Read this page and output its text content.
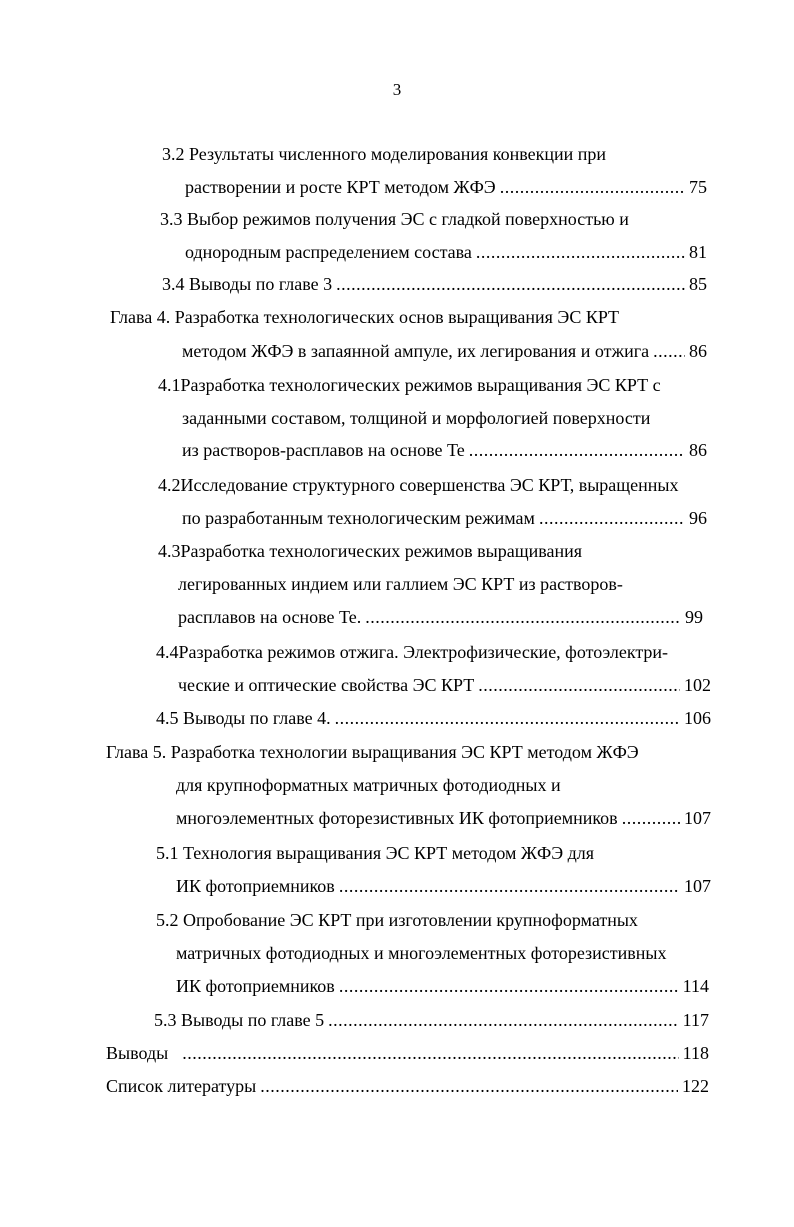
3
3.2 Результаты численного моделирования конвекции при
растворении и росте КРТ методом ЖФЭ .....	75
3.3 Выбор режимов получения ЭС с гладкой поверхностью и
однородным распределением состава .....	81
3.4 Выводы по главе 3 .....	85
Глава 4. Разработка технологических основ выращивания ЭС КРТ
методом ЖФЭ в запаянной ампуле, их легирования и отжига ..... 86
4.1Разработка технологических режимов выращивания ЭС КРТ с
заданными составом, толщиной и морфологией поверхности
из растворов-расплавов на основе Te .....	86
4.2Исследование структурного совершенства ЭС КРТ, выращенных
по разработанным технологическим режимам .....	96
4.3Разработка технологических режимов выращивания
легированных индием или галлием ЭС КРТ из растворов-
расплавов на основе Te. .....	99
4.4Разработка режимов отжига. Электрофизические, фотоэлектри-
ческие и оптические свойства ЭС КРТ .....	102
4.5 Выводы по главе 4. .....	106
Глава 5. Разработка технологии выращивания ЭС КРТ методом ЖФЭ
для крупноформатных матричных фотодиодных и
многоэлементных фоторезистивных ИК фотоприемников .....	107
5.1 Технология выращивания ЭС КРТ методом ЖФЭ для
ИК фотоприемников .....	107
5.2 Опробование ЭС КРТ при изготовлении крупноформатных
матричных фотодиодных и многоэлементных фоторезистивных
ИК фотоприемников .....	114
5.3 Выводы по главе 5 .....	117
Выводы .....	118
Список литературы .....	122
